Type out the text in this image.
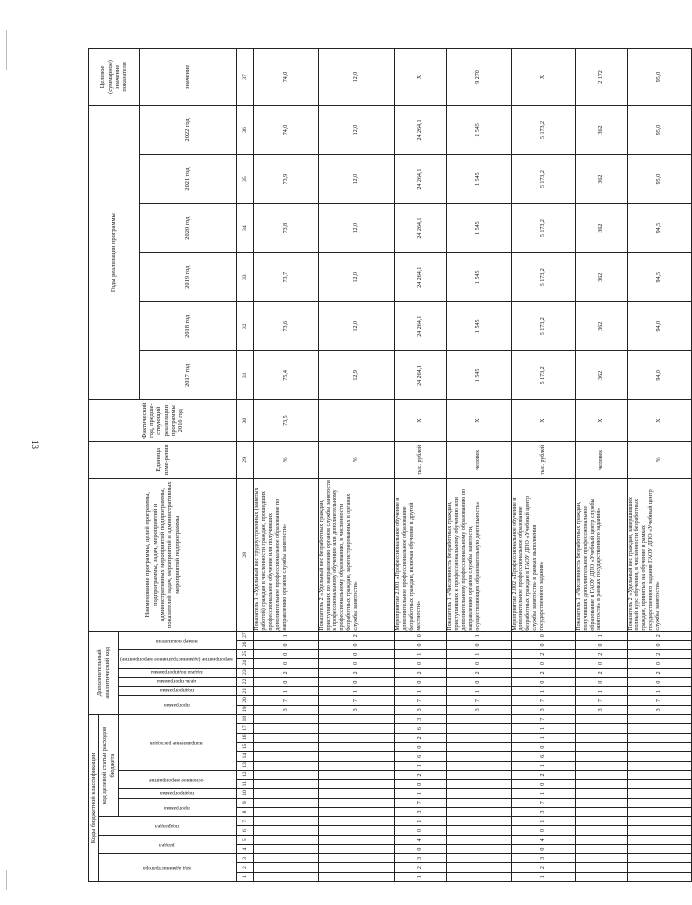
13
Коды бюджетной классификации																		Дополнительный аналитический код									Наименование программы, целей программы, подпрограммы, задач, мероприятий и административных мероприятий подпрограммы, показателей задач, мероприятий и административных мероприятий подпрограммы	Единица изме-рения	Фактический год, предше-ствующий реализации программы 2016 год	Годы реализации программы						Целевое (суммарное) значение показателя
код администратора			раздел		подраздел		код целевой статьи расходов бюджета																													
							программа		подпрограмма	основное мероприятие		направление расходов						программа		подпрограмма	цель программы	задача подпрограммы	мероприятие (административное мероприятие)		номер показателя											
																														2017 год	2018 год	2019 год	2020 год	2021 год	2022 год	значение
1	2	3	4	5	6	7	8	9	10	11	12	13	14	15	16	17	18	19	20	21	22	23	24	25	26	27	28	29	30	31	32	33	34	35	36	37
																		3	7	1	0	2	0	0	0	1	Показатель 1 «Удельный вес трудоустроенных (занятых работой) граждан в численности граждан, прошедших профессиональное обучение или получивших дополнительное профессиональное образование по направлению органов службы занятости»	%	73,5	75,4	73,6	73,7	73,8	73,9	74,0	74,0
																		3	7	1	0	2	0	0	0	2	Показатель 2 «Удельный вес безработных граждан, приступивших по направлению органов службы занятости к профессиональному обучению или дополнительному профессиональному образованию, в численности безработных граждан, зарегистрированных в органах службы занятости»	%		12,9	12,0	12,0	12,0	12,0	12,0	12,0
1	2	3	0	4	0	1	3	7	1	0	2	1	6	0	2	6	3	3	7	1	0	2	0	1	0	0	Мероприятие 2.001 «Профессиональное обучение и дополнительное профессиональное образование безработных граждан, включая обучение в другой местности»	тыс. рублей	Х	24 264,1	24 264,1	24 264,1	24 264,1	24 264,1	24 264,1	Х
																		3	7	1	0	2	0	1	0	1	Показатель 1 «Численность безработных граждан, приступивших к профессиональному обучению или дополнительному профессиональному образованию по направлению органов службы занятости, осуществляющих образовательную деятельность»	человек	Х	1 545	1 545	1 545	1 545	1 545	1 545	9 270
1	2	3	0	4	0	1	3	7	1	0	2	1	6	0	1	1	7	3	7	1	0	2	0	2	0	0	Мероприятие 2.002 «Профессиональное обучение и дополнительное профессиональное образование безработных граждан в ГАОУ ДПО «Учебный центр службы занятости» в рамках выполнения государственного задания»	тыс. рублей	Х	5 173,2	5 173,2	5 173,2	5 173,2	5 173,2	5 173,2	Х
																		3	7	1	0	2	0	2	0	1	Показатель 1 «Численность безработных граждан, получивших дополнительное профессиональное образование в ГАОУ ДПО «Учебный центр службы занятости» в рамках государственного задания»	человек	Х	362	362	362	362	362	362	2 172
																		3	7	1	0	2	0	2	0	2	Показатель 2 «Удельный вес граждан, завершивших полный курс обучения, в численности безработных граждан, принятых на обучение в рамках государственного задания ГАОУ ДПО «Учебный центр службы занятости»	%	Х	94,0	94,0	94,5	94,5	95,0	95,0	95,0
